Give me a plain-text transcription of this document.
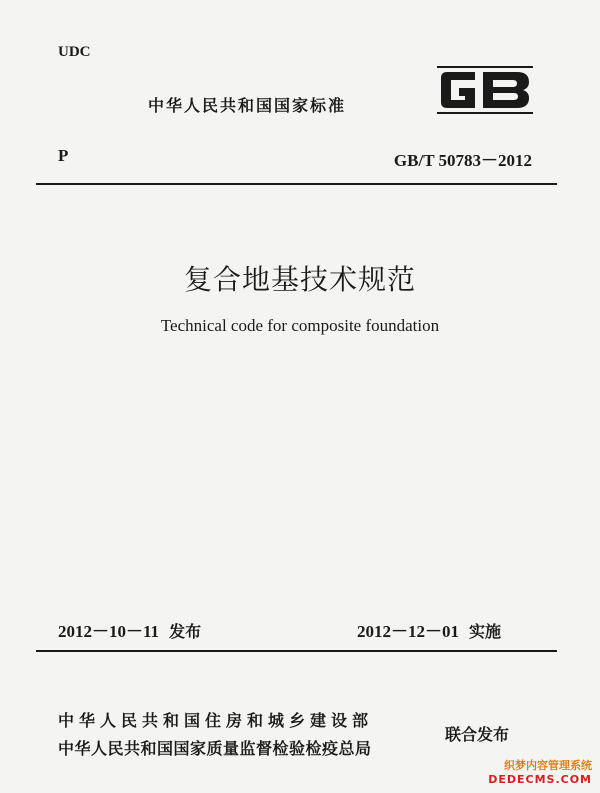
UDC
中华人民共和国国家标准
P	GB/T 50783－2012
复合地基技术规范
Technical code for composite foundation
2012－10－11 发布	2012－12－01 实施
中华人民共和国住房和城乡建设部
中华人民共和国国家质量监督检验检疫总局
联合发布
织梦内容管理系统
DEDECMS.COM
